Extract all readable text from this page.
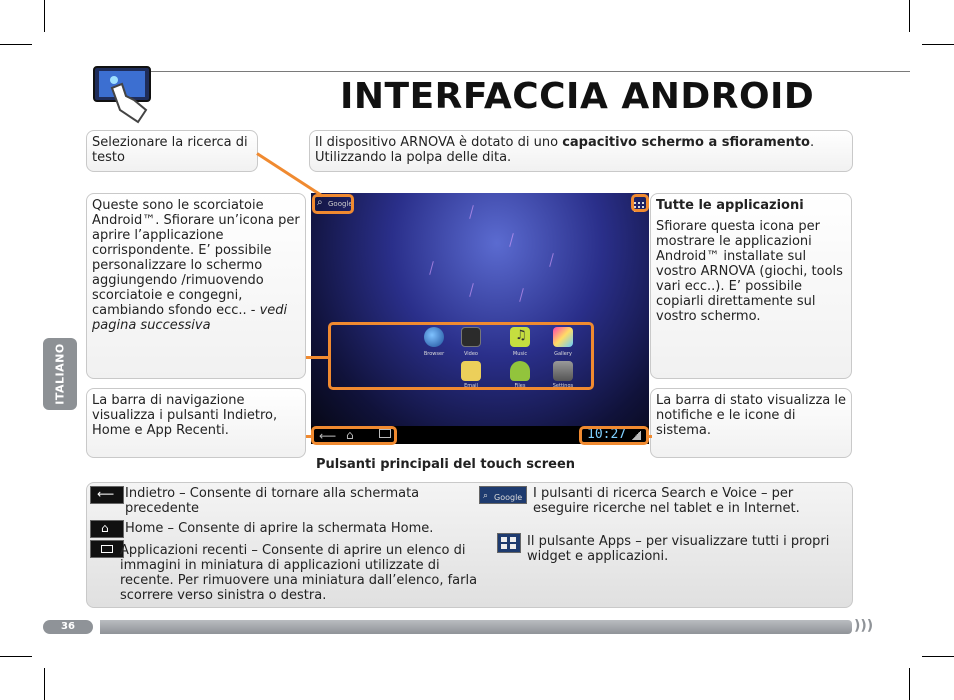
INTERFACCIA ANDROID
ITALIANO
Selezionare la ricerca di testo
Il dispositivo ARNOVA è dotato di uno capacitivo schermo a sfioramento. Utilizzando la polpa delle dita.
Queste sono le scorciatoie Android™. Sfiorare un’icona per aprire l’applicazione corrispondente. E’ possibile personalizzare lo schermo aggiungendo /rimuovendo scorciatoie e congegni, cambiando sfondo ecc.. - vedi pagina successiva
Tutte le applicazioni
Sfiorare questa icona per mostrare le applicazioni Android™ installate sul vostro ARNOVA (giochi, tools vari ecc..). E’ possibile copiarli direttamente sul vostro schermo.
La barra di navigazione visualizza i pulsanti Indietro, Home e App Recenti.
La barra di stato visualizza le notifiche e le icone di sistema.
⌕ Google
Browser	Video
♫
Music	Gallery
Email	Files	Settings
⟵ ⌂	10:27
Pulsanti principali del touch screen
⟵ Indietro – Consente di tornare alla schermata precedente
⌂ Home – Consente di aprire la schermata Home.
Applicazioni recenti – Consente di aprire un elenco di immagini in miniatura di applicazioni utilizzate di recente. Per rimuovere una miniatura dall’elenco, farla scorrere verso sinistra o destra.
⌕ Google I pulsanti di ricerca Search e Voice – per eseguire ricerche nel tablet e in Internet.
Il pulsante Apps – per visualizzare tutti i propri widget e applicazioni.
36	)))
